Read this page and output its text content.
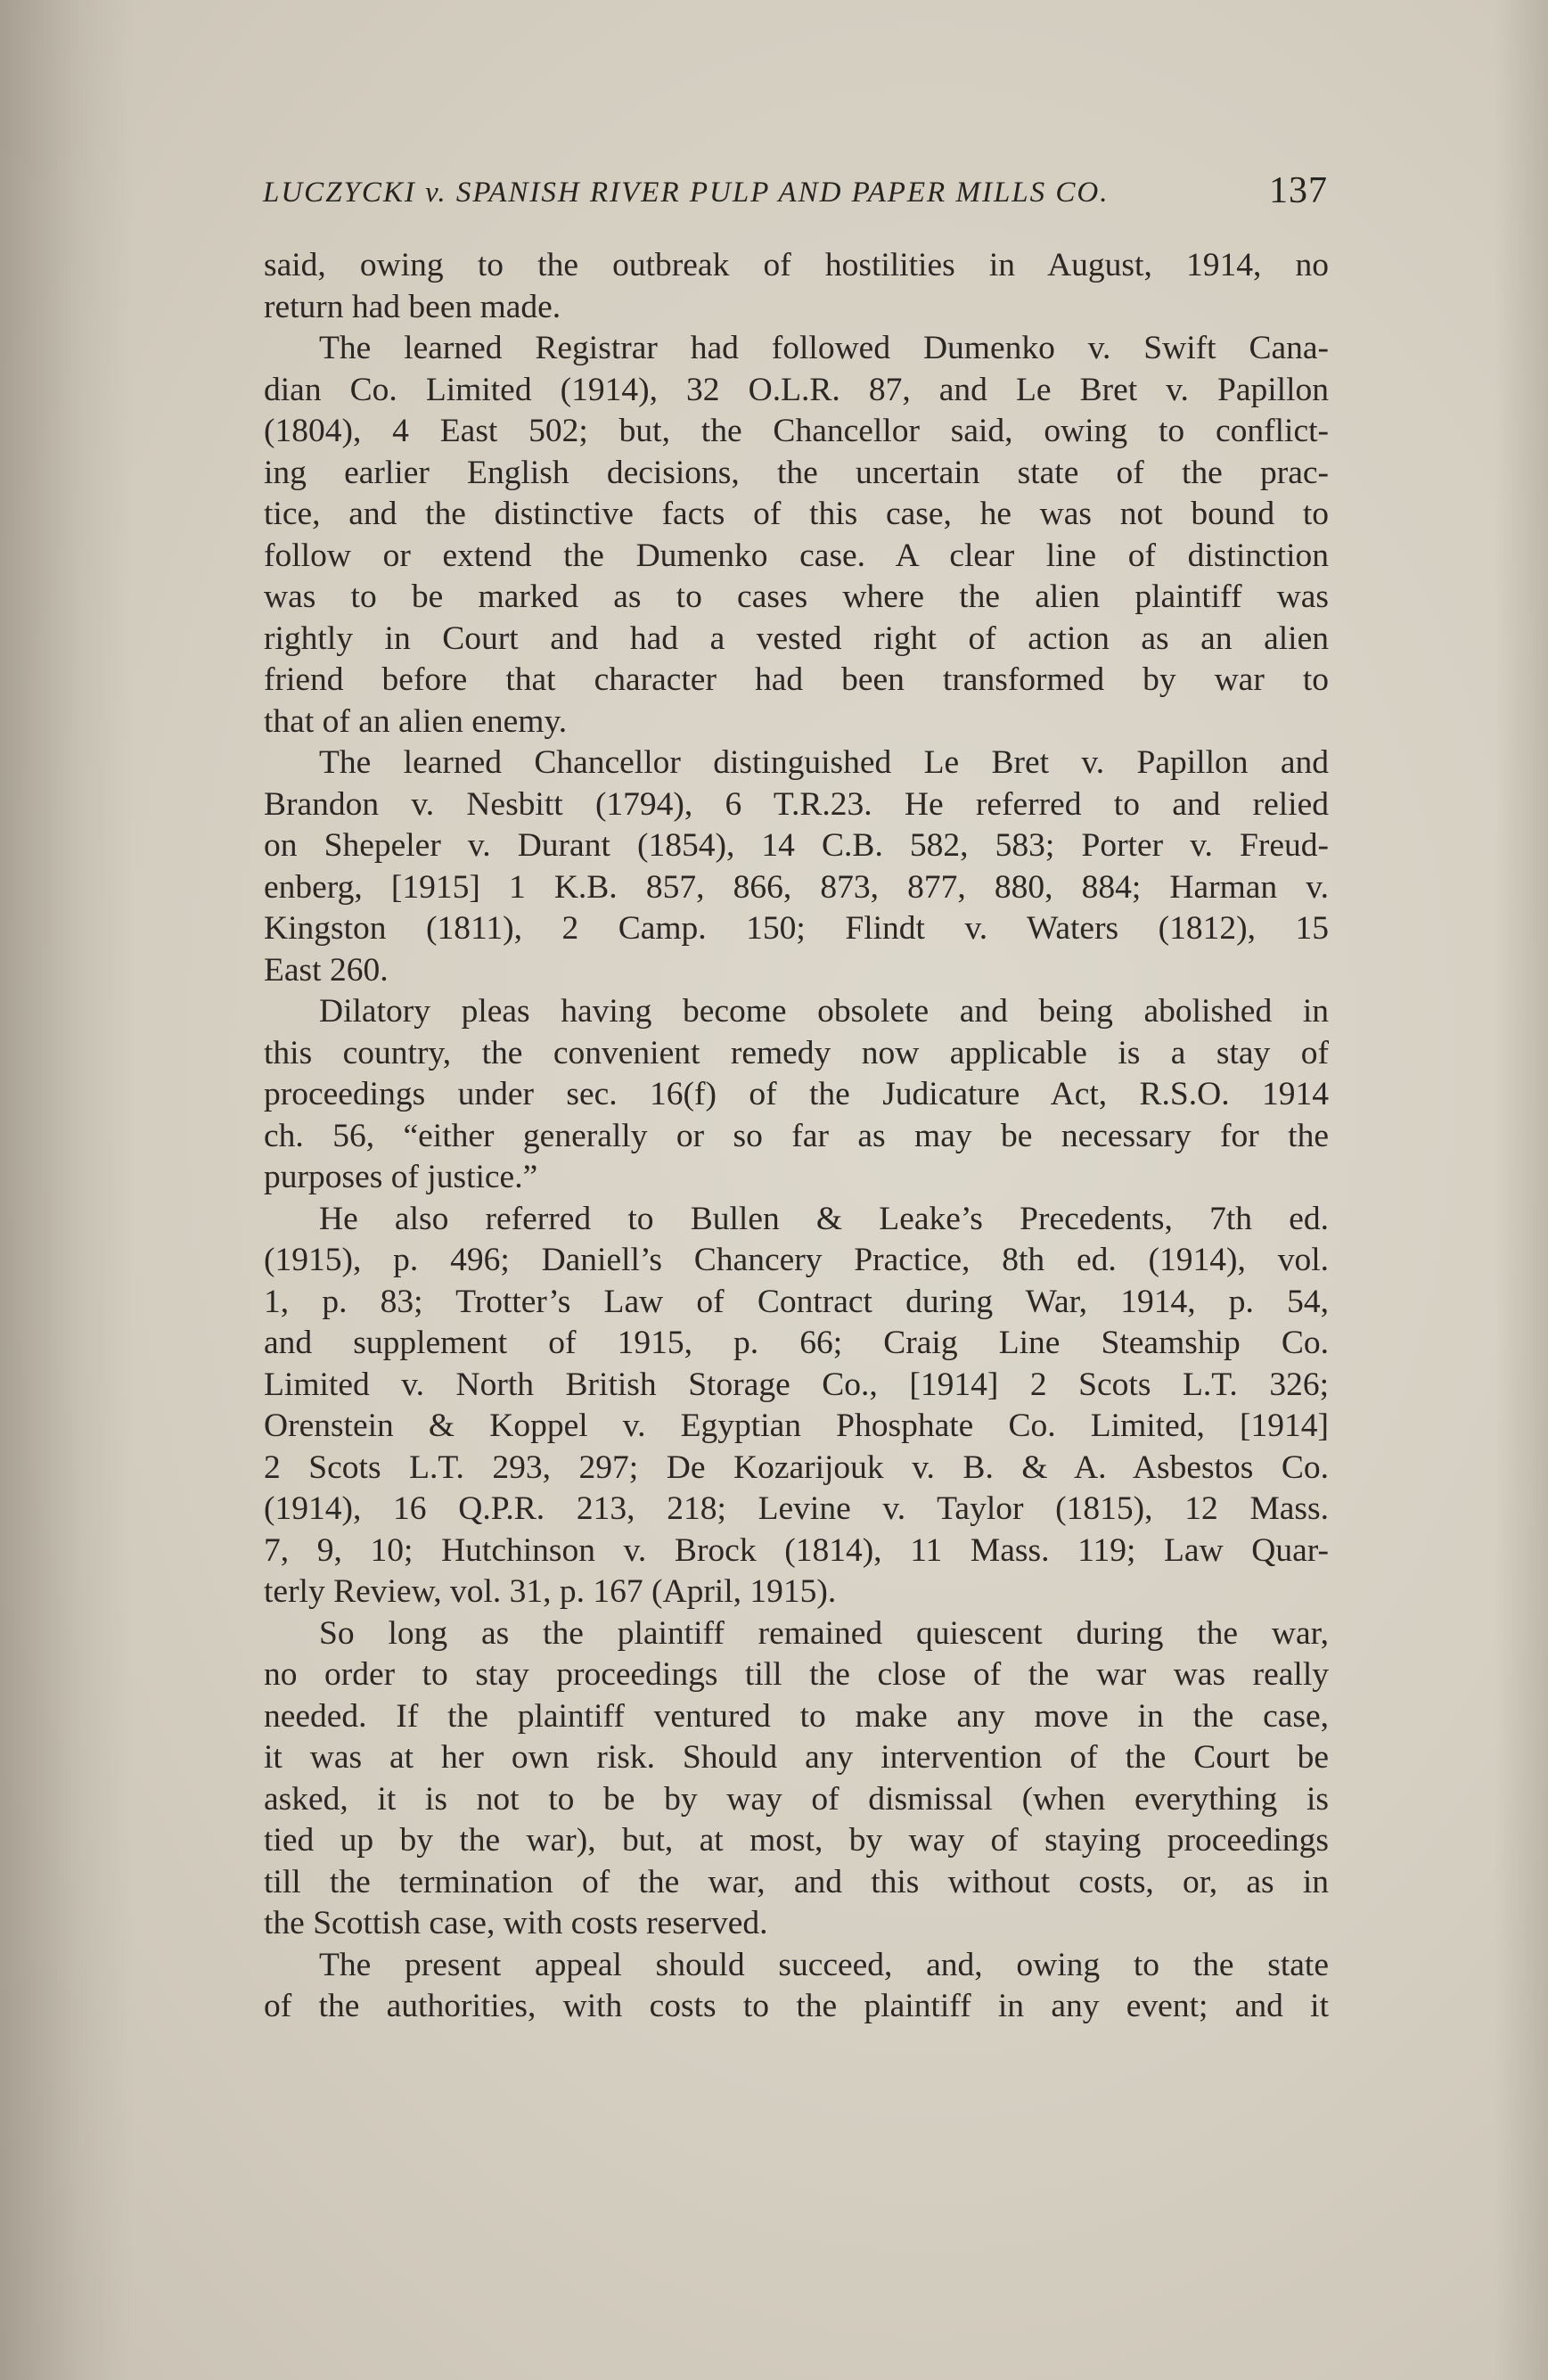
LUCZYCKI v. SPANISH RIVER PULP AND PAPER MILLS CO.	137
said, owing to the outbreak of hostilities in August, 1914, no
return had been made.
The learned Registrar had followed Dumenko v. Swift Cana-
dian Co. Limited (1914), 32 O.L.R. 87, and Le Bret v. Papillon
(1804), 4 East 502; but, the Chancellor said, owing to conflict-
ing earlier English decisions, the uncertain state of the prac-
tice, and the distinctive facts of this case, he was not bound to
follow or extend the Dumenko case. A clear line of distinction
was to be marked as to cases where the alien plaintiff was
rightly in Court and had a vested right of action as an alien
friend before that character had been transformed by war to
that of an alien enemy.
The learned Chancellor distinguished Le Bret v. Papillon and
Brandon v. Nesbitt (1794), 6 T.R.23. He referred to and relied
on Shepeler v. Durant (1854), 14 C.B. 582, 583; Porter v. Freud-
enberg, [1915] 1 K.B. 857, 866, 873, 877, 880, 884; Harman v.
Kingston (1811), 2 Camp. 150; Flindt v. Waters (1812), 15
East 260.
Dilatory pleas having become obsolete and being abolished in
this country, the convenient remedy now applicable is a stay of
proceedings under sec. 16(f) of the Judicature Act, R.S.O. 1914
ch. 56, “either generally or so far as may be necessary for the
purposes of justice.”
He also referred to Bullen & Leake’s Precedents, 7th ed.
(1915), p. 496; Daniell’s Chancery Practice, 8th ed. (1914), vol.
1, p. 83; Trotter’s Law of Contract during War, 1914, p. 54,
and supplement of 1915, p. 66; Craig Line Steamship Co.
Limited v. North British Storage Co., [1914] 2 Scots L.T. 326;
Orenstein & Koppel v. Egyptian Phosphate Co. Limited, [1914]
2 Scots L.T. 293, 297; De Kozarijouk v. B. & A. Asbestos Co.
(1914), 16 Q.P.R. 213, 218; Levine v. Taylor (1815), 12 Mass.
7, 9, 10; Hutchinson v. Brock (1814), 11 Mass. 119; Law Quar-
terly Review, vol. 31, p. 167 (April, 1915).
So long as the plaintiff remained quiescent during the war,
no order to stay proceedings till the close of the war was really
needed. If the plaintiff ventured to make any move in the case,
it was at her own risk. Should any intervention of the Court be
asked, it is not to be by way of dismissal (when everything is
tied up by the war), but, at most, by way of staying proceedings
till the termination of the war, and this without costs, or, as in
the Scottish case, with costs reserved.
The present appeal should succeed, and, owing to the state
of the authorities, with costs to the plaintiff in any event; and it
